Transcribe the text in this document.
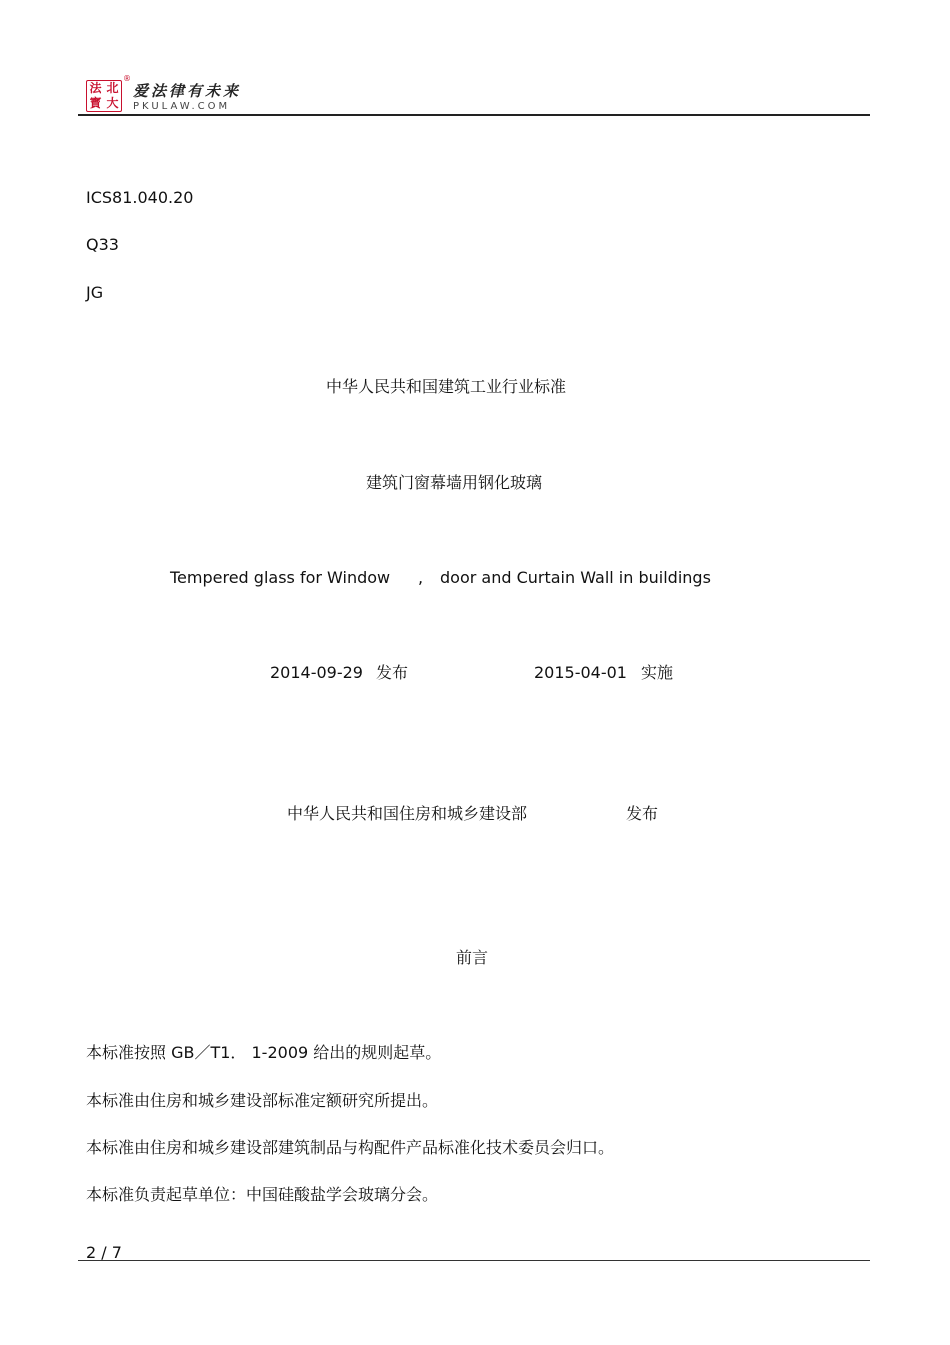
法 北
寳 大
®
爱法律有未来
PKULAW.COM
ICS81.040.20
Q33
JG
中华人民共和国建筑工业行业标准
建筑门窗幕墙用钢化玻璃
Tempered glass for Window , door and Curtain Wall in buildings
2014-09-29 发布	2015-04-01 实施
中华人民共和国住房和城乡建设部	发布
前言
本标准按照 GB／T1． 1-2009 给出的规则起草。
本标准由住房和城乡建设部标准定额研究所提出。
本标准由住房和城乡建设部建筑制品与构配件产品标准化技术委员会归口。
本标准负责起草单位：中国硅酸盐学会玻璃分会。
2 / 7
